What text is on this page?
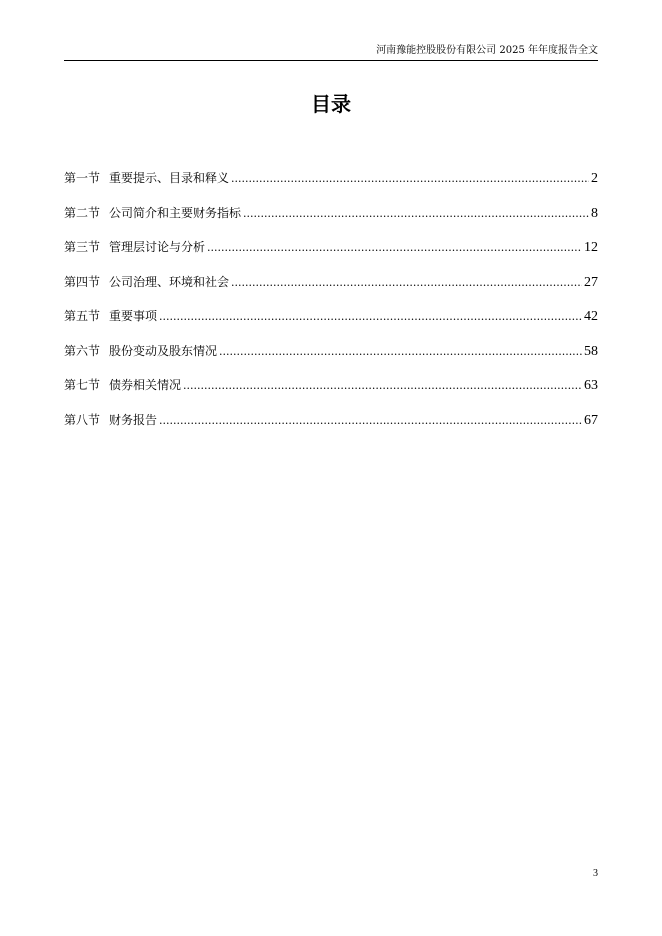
河南豫能控股股份有限公司 2025 年年度报告全文
目录
第一节 重要提示、目录和释义 .....	2
第二节 公司简介和主要财务指标 .....	8
第三节 管理层讨论与分析 .....	12
第四节 公司治理、环境和社会 .....	27
第五节 重要事项 .....	42
第六节 股份变动及股东情况 .....	58
第七节 债券相关情况 .....	63
第八节 财务报告 .....	67
3
